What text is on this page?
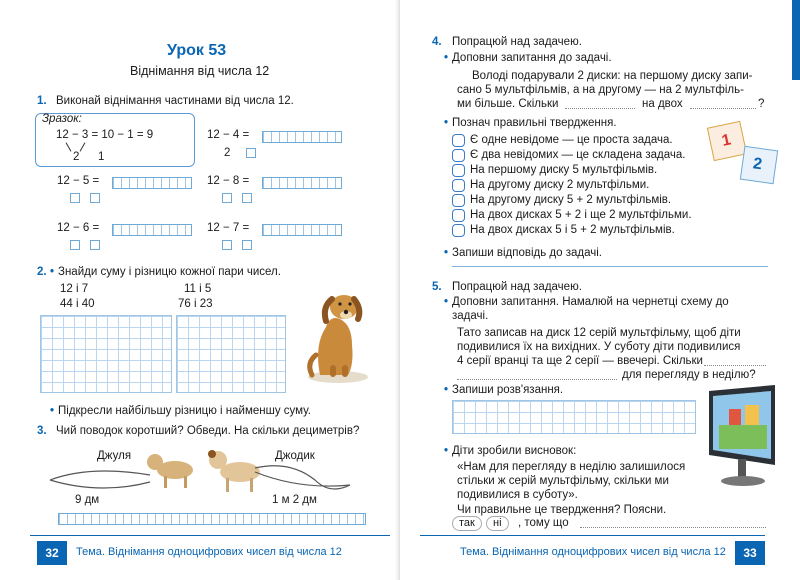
Урок 53
Віднімання від числа 12
1. Виконай віднімання частинами від числа 12.
Зразок:
12 − 3 = 10 − 1 = 9
2 1
12 − 4 =
2
12 − 5 =	12 − 8 =
12 − 6 =	12 − 7 =
2. • Знайди суму і різницю кожної пари чисел.
12 і 7	11 і 5
44 і 40	76 і 23
• Підкресли найбільшу різницю і найменшу суму.
3. Чий поводок коротший? Обведи. На скільки дециметрів?
Джуля	Джодик
9 дм	1 м 2 дм
32	Тема. Віднімання одноцифрових чисел від числа 12
4. Попрацюй над задачею.
• Доповни запитання до задачі.
Володі подарували 2 диски: на першому диску запи-
сано 5 мультфільмів, а на другому — на 2 мультфіль-
ми більше. Скільки	на двох	?
• Познач правильні твердження.
Є одне невідоме — це проста задача.
Є два невідомих — це складена задача.
На першому диску 5 мультфільмів.
На другому диску 2 мультфільми.
На другому диску 5 + 2 мультфільмів.
На двох дисках 5 + 2 і ще 2 мультфільми.
На двох дисках 5 і 5 + 2 мультфільмів.
1
2
• Запиши відповідь до задачі.
5. Попрацюй над задачею.
• Доповни запитання. Намалюй на чернетці схему до
задачі.
Тато записав на диск 12 серій мультфільму, щоб діти
подивилися їх на вихідних. У суботу діти подивилися
4 серії вранці та ще 2 серії — ввечері. Скільки
для перегляду в неділю?
• Запиши розв'язання.
• Діти зробили висновок:
«Нам для перегляду в неділю залишилося
стільки ж серій мультфільму, скільки ми
подивилися в суботу».
Чи правильне це твердження? Поясни.
так	ні	, тому що
Тема. Віднімання одноцифрових чисел від числа 12	33
